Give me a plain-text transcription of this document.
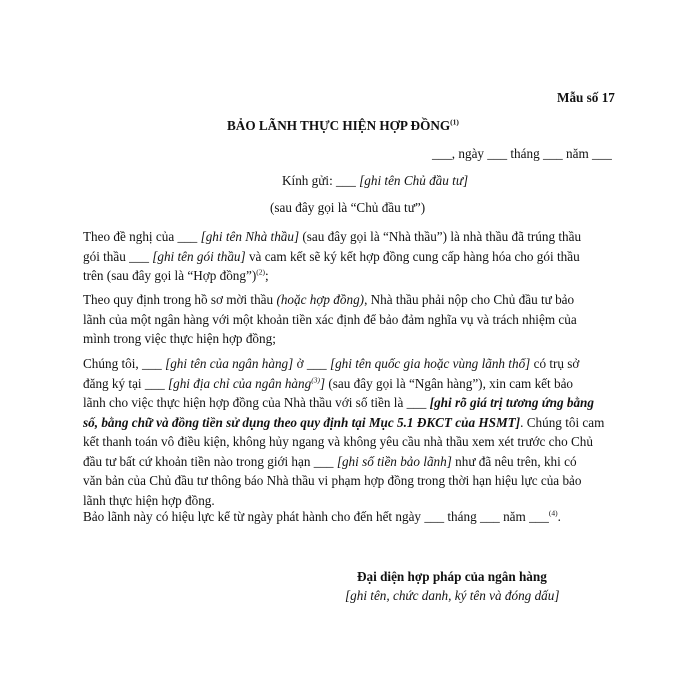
Mẫu số 17
BẢO LÃNH THỰC HIỆN HỢP ĐỒNG$^{(1)}$
___, ngày ___ tháng ___ năm ___
Kính gửi: ___ [ghi tên Chủ đầu tư]
(sau đây gọi là “Chủ đầu tư”)
Theo đề nghị của ___ [ghi tên Nhà thầu] (sau đây gọi là “Nhà thầu”) là nhà thầu đã trúng thầu
gói thầu ___ [ghi tên gói thầu] và cam kết sẽ ký kết hợp đồng cung cấp hàng hóa cho gói thầu
trên (sau đây gọi là “Hợp đồng”)$^{(2)}$;
Theo quy định trong hồ sơ mời thầu (hoặc hợp đồng), Nhà thầu phải nộp cho Chủ đầu tư bảo
lãnh của một ngân hàng với một khoản tiền xác định để bảo đảm nghĩa vụ và trách nhiệm của
mình trong việc thực hiện hợp đồng;
Chúng tôi, ___ [ghi tên của ngân hàng] ở ___ [ghi tên quốc gia hoặc vùng lãnh thổ] có trụ sở
đăng ký tại ___ [ghi địa chỉ của ngân hàng$^{(3)}$] (sau đây gọi là “Ngân hàng”), xin cam kết bảo
lãnh cho việc thực hiện hợp đồng của Nhà thầu với số tiền là ___ [ghi rõ giá trị tương ứng bằng
số, bằng chữ và đồng tiền sử dụng theo quy định tại Mục 5.1 ĐKCT của HSMT]. Chúng tôi cam
kết thanh toán vô điều kiện, không hủy ngang và không yêu cầu nhà thầu xem xét trước cho Chủ
đầu tư bất cứ khoản tiền nào trong giới hạn ___ [ghi số tiền bảo lãnh] như đã nêu trên, khi có
văn bản của Chủ đầu tư thông báo Nhà thầu vi phạm hợp đồng trong thời hạn hiệu lực của bảo
lãnh thực hiện hợp đồng.
Bảo lãnh này có hiệu lực kể từ ngày phát hành cho đến hết ngày ___ tháng ___ năm ___$^{(4)}$.
Đại diện hợp pháp của ngân hàng
[ghi tên, chức danh, ký tên và đóng dấu]
